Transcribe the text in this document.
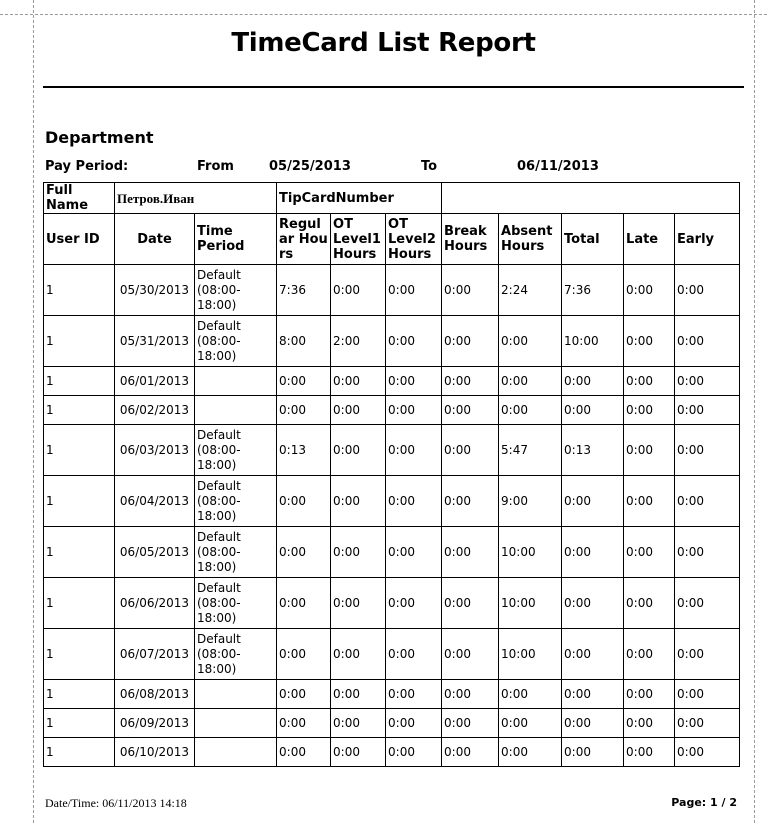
TimeCard List Report
Department
Pay Period:	From	05/25/2013	To	06/11/2013
Full Name	Петров.Иван		TipCardNumber							
User ID	Date	Time Period	Regular Hours	OT Level1 Hours	OT Level2 Hours	Break Hours	Absent Hours	Total	Late	Early
1	05/30/2013	Default (08:00-18:00)	7:36	0:00	0:00	0:00	2:24	7:36	0:00	0:00
1	05/31/2013	Default (08:00-18:00)	8:00	2:00	0:00	0:00	0:00	10:00	0:00	0:00
1	06/01/2013		0:00	0:00	0:00	0:00	0:00	0:00	0:00	0:00
1	06/02/2013		0:00	0:00	0:00	0:00	0:00	0:00	0:00	0:00
1	06/03/2013	Default (08:00-18:00)	0:13	0:00	0:00	0:00	5:47	0:13	0:00	0:00
1	06/04/2013	Default (08:00-18:00)	0:00	0:00	0:00	0:00	9:00	0:00	0:00	0:00
1	06/05/2013	Default (08:00-18:00)	0:00	0:00	0:00	0:00	10:00	0:00	0:00	0:00
1	06/06/2013	Default (08:00-18:00)	0:00	0:00	0:00	0:00	10:00	0:00	0:00	0:00
1	06/07/2013	Default (08:00-18:00)	0:00	0:00	0:00	0:00	10:00	0:00	0:00	0:00
1	06/08/2013		0:00	0:00	0:00	0:00	0:00	0:00	0:00	0:00
1	06/09/2013		0:00	0:00	0:00	0:00	0:00	0:00	0:00	0:00
1	06/10/2013		0:00	0:00	0:00	0:00	0:00	0:00	0:00	0:00
Date/Time: 06/11/2013 14:18	Page: 1 / 2
